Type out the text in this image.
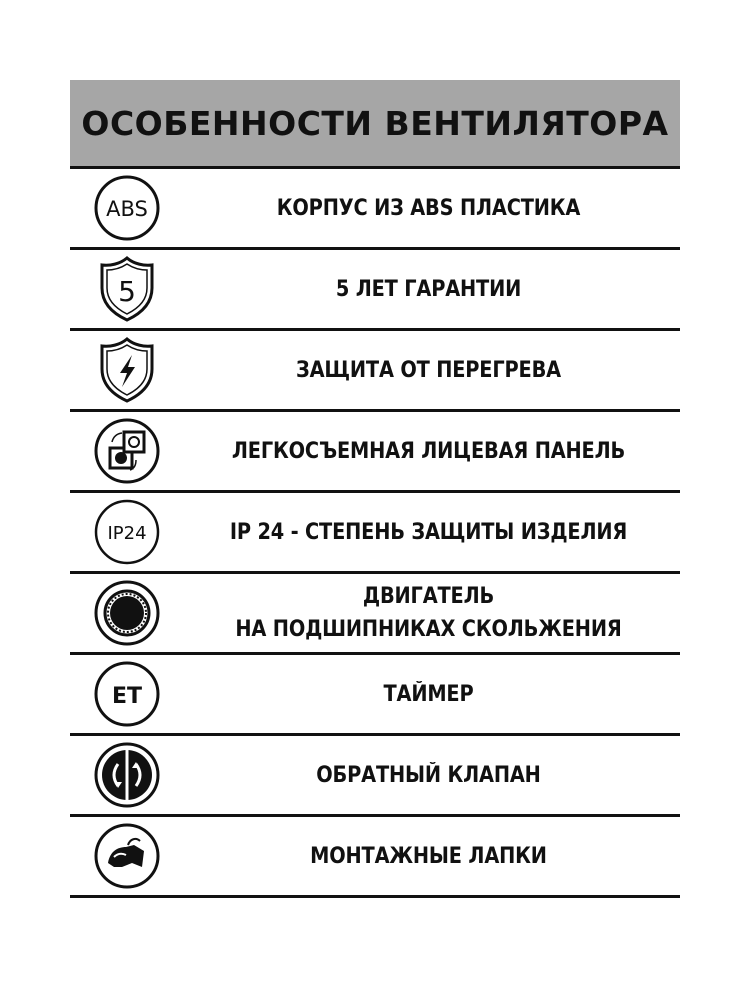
ОСОБЕННОСТИ ВЕНТИЛЯТОРА
ABS	КОРПУС ИЗ ABS ПЛАСТИКА
5	5 ЛЕТ ГАРАНТИИ
ЗАЩИТА ОТ ПЕРЕГРЕВА
ЛЕГКОСЪЕМНАЯ ЛИЦЕВАЯ ПАНЕЛЬ
IP24	IP 24 - СТЕПЕНЬ ЗАЩИТЫ ИЗДЕЛИЯ
ДВИГАТЕЛЬ
НА ПОДШИПНИКАХ СКОЛЬЖЕНИЯ
ET	ТАЙМЕР
ОБРАТНЫЙ КЛАПАН
МОНТАЖНЫЕ ЛАПКИ
